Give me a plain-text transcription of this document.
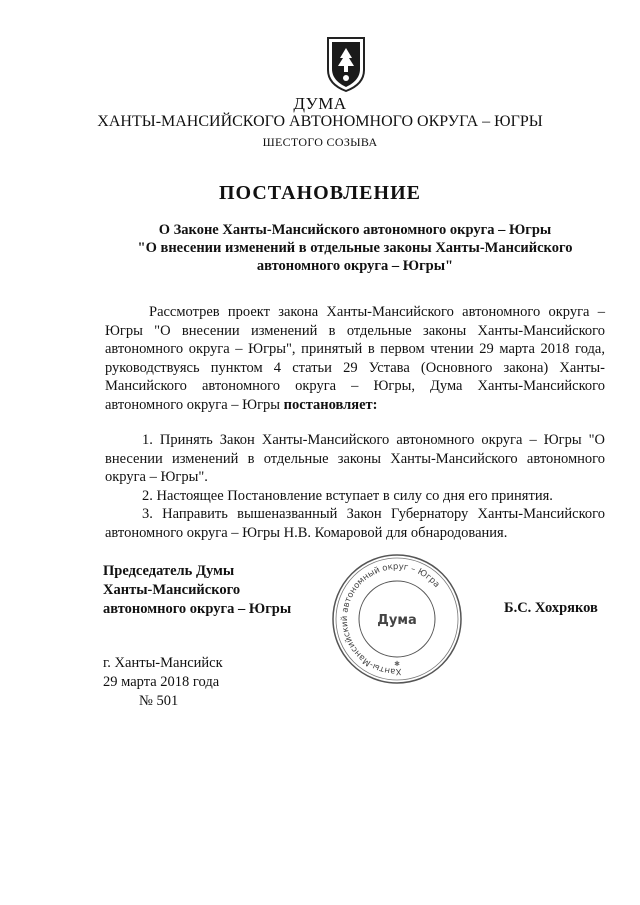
ДУМА
ХАНТЫ-МАНСИЙСКОГО АВТОНОМНОГО ОКРУГА – ЮГРЫ
ШЕСТОГО СОЗЫВА
ПОСТАНОВЛЕНИЕ
О Законе Ханты-Мансийского автономного округа – Югры
"О внесении изменений в отдельные законы Ханты-Мансийского
автономного округа – Югры"
Рассмотрев проект закона Ханты-Мансийского автономного округа – Югры "О внесении изменений в отдельные законы Ханты-Мансийского автономного округа – Югры", принятый в первом чтении 29 марта 2018 года, руководствуясь пунктом 4 статьи 29 Устава (Основного закона) Ханты-Мансийского автономного округа – Югры, Дума Ханты-Мансийского автономного округа – Югры постановляет:

1. Принять Закон Ханты-Мансийского автономного округа – Югры "О внесении изменений в отдельные законы Ханты-Мансийского автономного округа – Югры".

2. Настоящее Постановление вступает в силу со дня его принятия.

3. Направить вышеназванный Закон Губернатору Ханты-Мансийского автономного округа – Югры Н.В. Комаровой для обнародования.

Председатель Думы
Ханты-Мансийского
автономного округа – Югры
Ханты-Мансийский автономный округ – Югра
Дума
✱
Б.С. Хохряков
г. Ханты-Мансийск
29 марта 2018 года
№ 501
